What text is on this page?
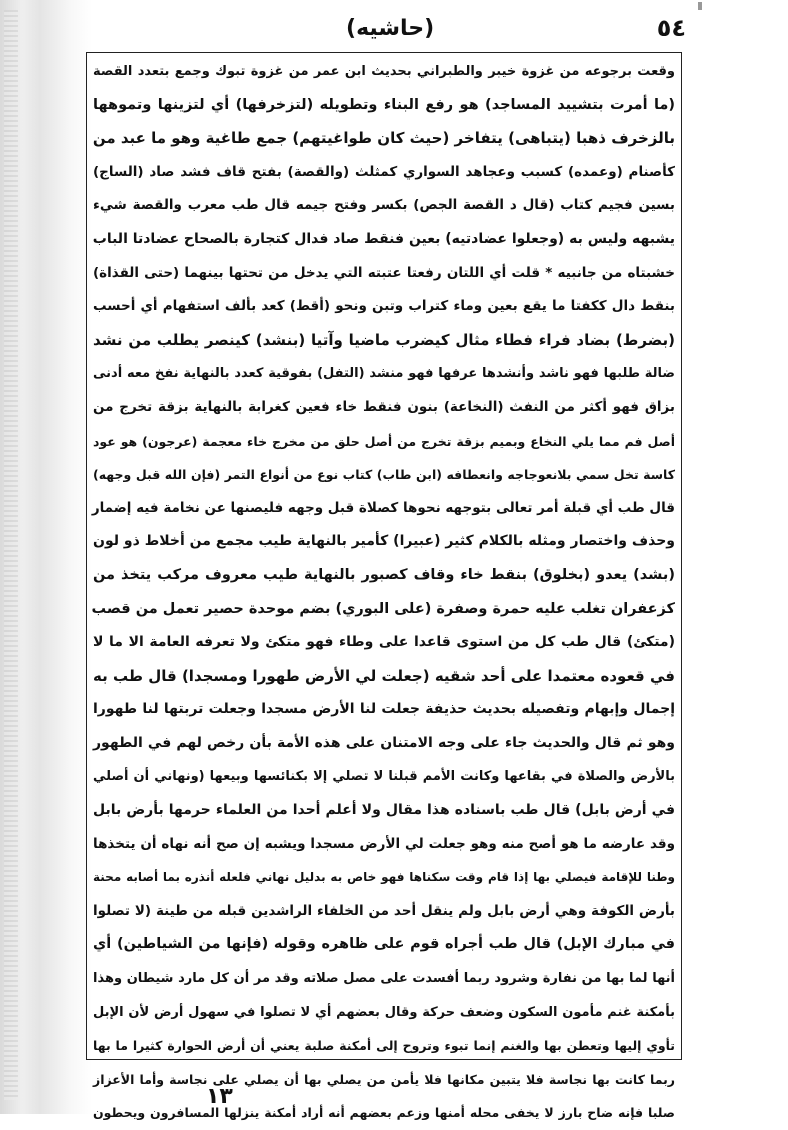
(حاشيه)	٥٤
وقعت برجوعه من غزوة خيبر والطبراني بحديث ابن عمر من غزوة تبوك وجمع بتعدد القصة
(ما أمرت بتشييد المساجد) هو رفع البناء وتطويله (لتزخرفها) أي لتزينها وتموهها
بالزخرف ذهبا (يتباهى) يتفاخر (حيث كان طواغيتهم) جمع طاغية وهو ما عبد من
كأصنام (وعمده) كسبب وعجاهد السواري كمثلث (والقصة) بفتح قاف فشد صاد (الساج)
بسين فجيم كتاب (قال د القصة الجص) بكسر وفتح جيمه قال طب معرب والقصة شيء
يشبهه وليس به (وجعلوا عضادتيه) بعين فنقط صاد فدال كتجارة بالصحاح عضادتا الباب
خشبتاه من جانبيه * قلت أي اللتان رفعتا عتبته التي يدخل من تحتها بينهما (حتى القذاة)
بنقط دال ككفتا ما يقع بعين وماء كتراب وتبن ونحو (أقط) كعد بألف استفهام أي أحسب
(بضرط) بضاد فراء فطاء مثال كيضرب ماضيا وآتيا (بنشد) كينصر يطلب من نشد
ضالة طلبها فهو ناشد وأنشدها عرفها فهو منشد (التفل) بفوقية كعدد بالنهاية نفخ معه أدنى
بزاق فهو أكثر من النفث (النخاعة) بنون فنقط خاء فعين كغرابة بالنهاية بزقة تخرج من
أصل فم مما يلي النخاع وبميم بزقة تخرج من أصل حلق من مخرج خاء معجمة (عرجون) هو عود
كاسة تخل سمي بلانعوجاجه وانعطافه (ابن طاب) كتاب نوع من أنواع التمر (فإن الله قبل وجهه)
قال طب أي قبلة أمر تعالى بتوجهه نحوها كصلاة قبل وجهه فليصنها عن نخامة فيه إضمار
وحذف واختصار ومثله بالكلام كثير (عبيرا) كأمير بالنهاية طيب مجمع من أخلاط ذو لون
(بشد) يعدو (بخلوق) بنقط خاء وقاف كصبور بالنهاية طيب معروف مركب يتخذ من
كزعفران تغلب عليه حمرة وصفرة (على البوري) بضم موحدة حصير تعمل من قصب
(متكئ) قال طب كل من استوى قاعدا على وطاء فهو متكئ ولا تعرفه العامة الا ما لا
في قعوده معتمدا على أحد شقيه (جعلت لي الأرض طهورا ومسجدا) قال طب به
إجمال وإبهام وتفصيله بحديث حذيفة جعلت لنا الأرض مسجدا وجعلت تربتها لنا طهورا
وهو ثم قال والحديث جاء على وجه الامتنان على هذه الأمة بأن رخص لهم في الطهور
بالأرض والصلاة في بقاعها وكانت الأمم قبلنا لا تصلي إلا بكنائسها وبيعها (ونهاني أن أصلي
في أرض بابل) قال طب باسناده هذا مقال ولا أعلم أحدا من العلماء حرمها بأرض بابل
وقد عارضه ما هو أصح منه وهو جعلت لي الأرض مسجدا ويشبه إن صح أنه نهاه أن يتخذها
وطنا للإقامة فيصلي بها إذا قام وقت سكناها فهو خاص به بدليل نهاني فلعله أنذره بما أصابه محنة
بأرض الكوفة وهي أرض بابل ولم ينقل أحد من الخلفاء الراشدين قبله من طينة (لا تصلوا
في مبارك الإبل) قال طب أجراه قوم على ظاهره وقوله (فإنها من الشياطين) أي
أنها لما بها من نفارة وشرود ربما أفسدت على مصل صلاته وقد مر أن كل مارد شيطان وهذا
بأمكنة غنم مأمون السكون وضعف حركة وقال بعضهم أي لا تصلوا في سهول أرض لأن الإبل
تأوي إليها وتعطن بها والغنم إنما تبوء وتروح إلى أمكنة صلبة يعني أن أرض الحوارة كثيرا ما بها
ربما كانت بها نجاسة فلا يتبين مكانها فلا يأمن من يصلي بها أن يصلي على نجاسة وأما الأعزاز
صلبا فإنه ضاح بارز لا يخفى محله أمنها وزعم بعضهم أنه أراد أمكنة ينزلها المسافرون ويحطون
١٣
